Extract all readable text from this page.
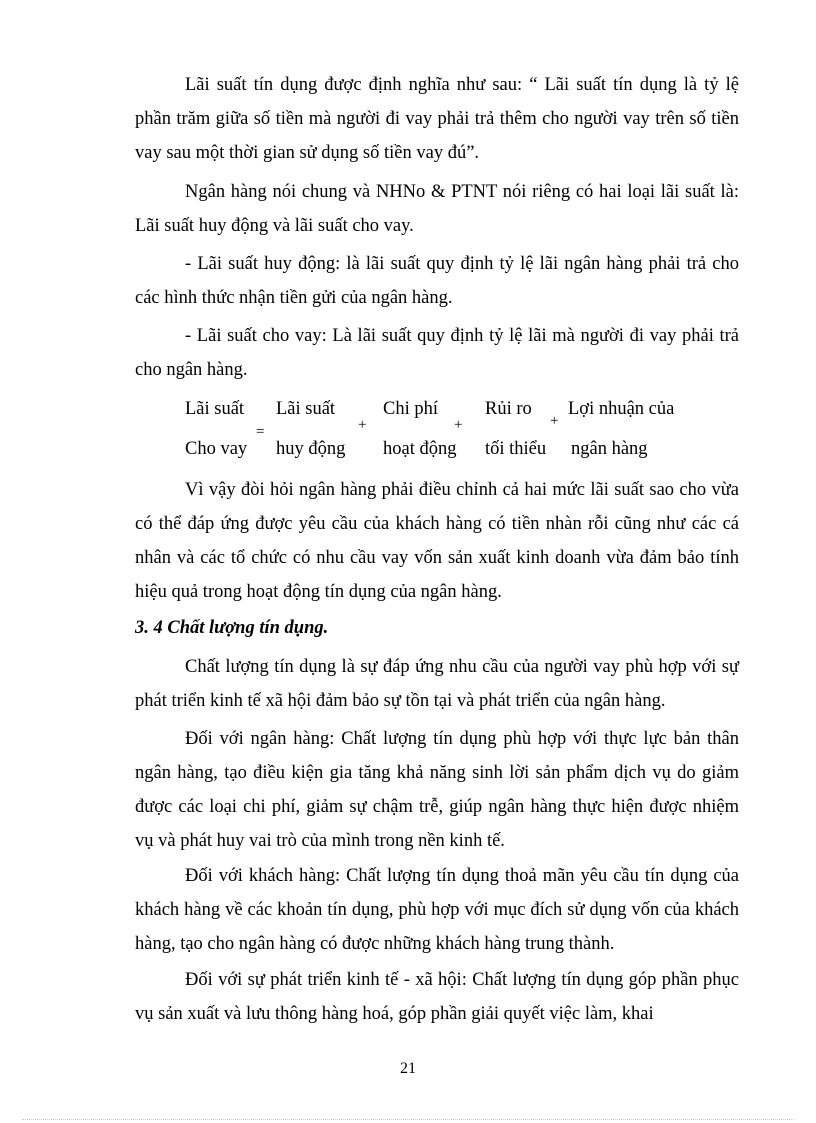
Lãi suất tín dụng được định nghĩa như sau: “ Lãi suất tín dụng là tỷ lệ phần trăm giữa số tiền mà người đi vay phải trả thêm cho người vay trên số tiền vay sau một thời gian sử dụng số tiền vay đú”.

Ngân hàng nói chung và NHNo & PTNT nói riêng có hai loại lãi suất là: Lãi suất huy động và lãi suất cho vay.

- Lãi suất huy động: là lãi suất quy định tỷ lệ lãi ngân hàng phải trả cho các hình thức nhận tiền gửi của ngân hàng.

- Lãi suất cho vay: Là lãi suất quy định tỷ lệ lãi mà người đi vay phải trả cho ngân hàng.

Lãi suất
Cho vay
=
Lãi suất
huy động
+
Chi phí
hoạt động
+
Rủi ro
tối thiểu
+
Lợi nhuận của
ngân hàng

Vì vậy đòi hỏi ngân hàng phải điều chỉnh cả hai mức lãi suất sao cho vừa có thể đáp ứng được yêu cầu của khách hàng có tiền nhàn rỗi cũng như các cá nhân và các tổ chức có nhu cầu vay vốn sản xuất kinh doanh vừa đảm bảo tính hiệu quả trong hoạt động tín dụng của ngân hàng.

3. 4 Chất lượng tín dụng.

Chất lượng tín dụng là sự đáp ứng nhu cầu của người vay phù hợp với sự phát triển kinh tế xã hội đảm bảo sự tồn tại và phát triển của ngân hàng.

Đối với ngân hàng: Chất lượng tín dụng phù hợp với thực lực bản thân ngân hàng, tạo điều kiện gia tăng khả năng sinh lời sản phẩm dịch vụ do giảm được các loại chi phí, giảm sự chậm trễ, giúp ngân hàng thực hiện được nhiệm vụ và phát huy vai trò của mình trong nền kinh tế.

Đối với khách hàng: Chất lượng tín dụng thoả mãn yêu cầu tín dụng của khách hàng về các khoản tín dụng, phù hợp với mục đích sử dụng vốn của khách hàng, tạo cho ngân hàng có được những khách hàng trung thành.

Đối với sự phát triển kinh tế - xã hội: Chất lượng tín dụng góp phần phục vụ sản xuất và lưu thông hàng hoá, góp phần giải quyết việc làm, khai

21
